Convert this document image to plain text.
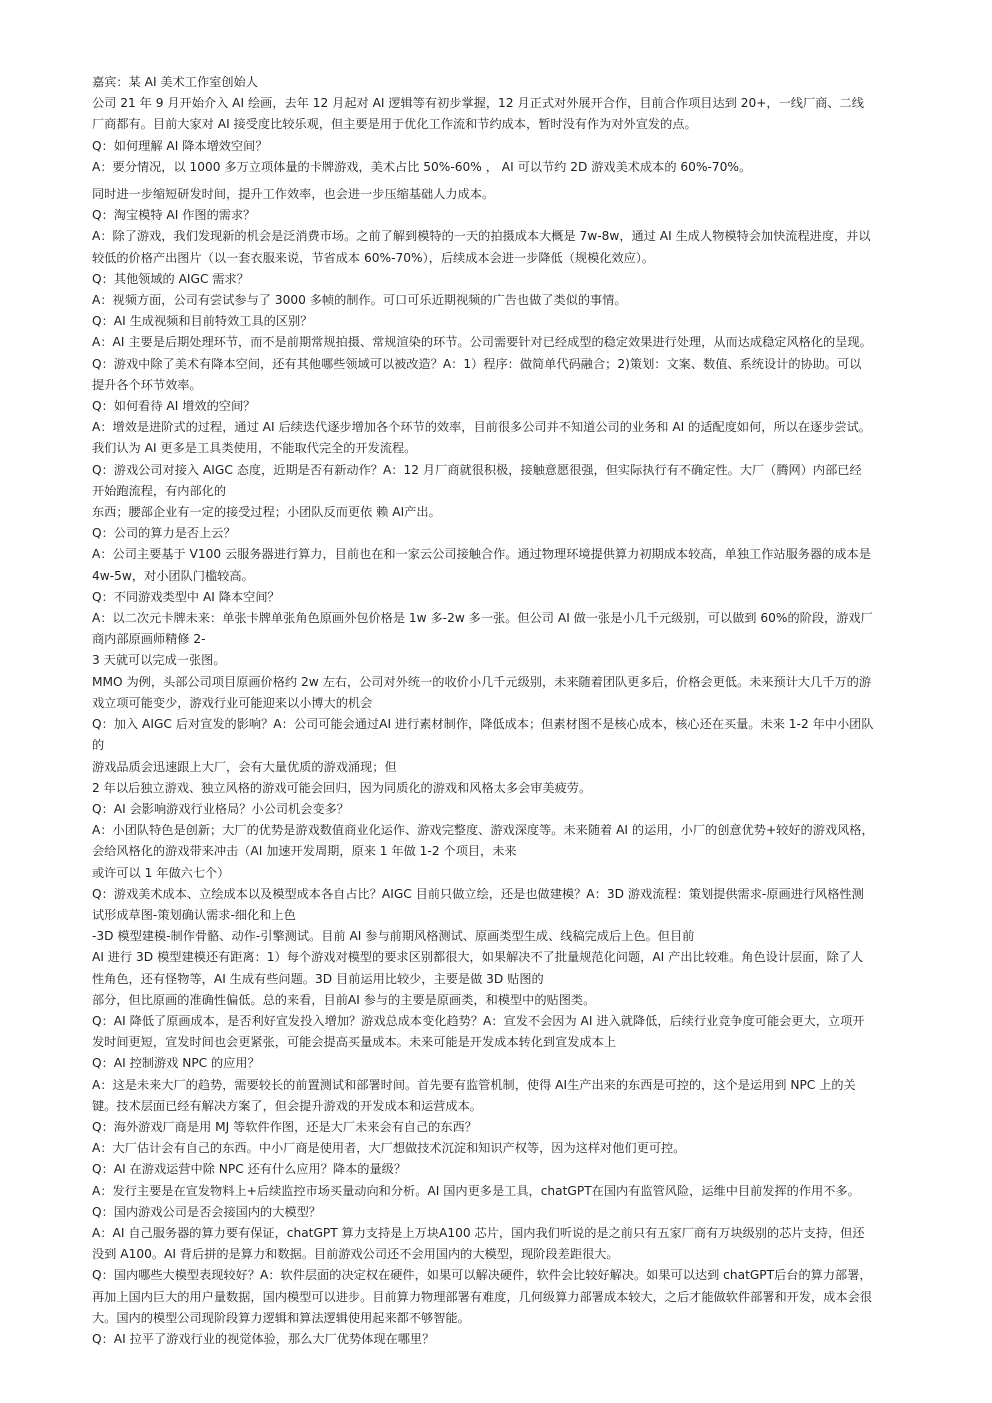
嘉宾：某 AI 美术工作室创始人
公司 21 年 9 月开始介入 AI 绘画，去年 12 月起对 AI 逻辑等有初步掌握，12 月正式对外展开合作，目前合作项目达到 20+，一线厂商、二线
厂商都有。目前大家对 AI 接受度比较乐观，但主要是用于优化工作流和节约成本，暂时没有作为对外宣发的点。
Q：如何理解 AI 降本增效空间？
A：要分情况，以 1000 多万立项体量的卡牌游戏，美术占比 50%-60% ， AI 可以节约 2D 游戏美术成本的 60%-70%。
同时进一步缩短研发时间，提升工作效率，也会进一步压缩基础人力成本。
Q：淘宝模特 AI 作图的需求？
A：除了游戏，我们发现新的机会是泛消费市场。之前了解到模特的一天的拍摄成本大概是 7w-8w，通过 AI 生成人物模特会加快流程进度，并以
较低的价格产出图片（以一套衣服来说，节省成本 60%-70%），后续成本会进一步降低（规模化效应）。
Q：其他领域的 AIGC 需求？
A：视频方面，公司有尝试参与了 3000 多帧的制作。可口可乐近期视频的广告也做了类似的事情。
Q：AI 生成视频和目前特效工具的区别？
A：AI 主要是后期处理环节，而不是前期常规拍摄、常规渲染的环节。公司需要针对已经成型的稳定效果进行处理，从而达成稳定风格化的呈现。
Q：游戏中除了美术有降本空间，还有其他哪些领域可以被改造？A：1）程序：做简单代码融合；2)策划：文案、数值、系统设计的协助。可以
提升各个环节效率。
Q：如何看待 AI 增效的空间？
A：增效是进阶式的过程，通过 AI 后续迭代逐步增加各个环节的效率，目前很多公司并不知道公司的业务和 AI 的适配度如何，所以在逐步尝试。
我们认为 AI 更多是工具类使用，不能取代完全的开发流程。
Q：游戏公司对接入 AIGC 态度，近期是否有新动作？A：12 月厂商就很积极，接触意愿很强，但实际执行有不确定性。大厂（腾网）内部已经
开始跑流程，有内部化的
东西；腰部企业有一定的接受过程；小团队反而更依 赖 AI产出。
Q：公司的算力是否上云？
A：公司主要基于 V100 云服务器进行算力，目前也在和一家云公司接触合作。通过物理环境提供算力初期成本较高，单独工作站服务器的成本是
4w-5w，对小团队门槛较高。
Q：不同游戏类型中 AI 降本空间？
A：以二次元卡牌未来：单张卡牌单张角色原画外包价格是 1w 多-2w 多一张。但公司 AI 做一张是小几千元级别，可以做到 60%的阶段，游戏厂
商内部原画师精修 2-
3 天就可以完成一张图。
MMO 为例，头部公司项目原画价格约 2w 左右，公司对外统一的收价小几千元级别，未来随着团队更多后，价格会更低。未来预计大几千万的游
戏立项可能变少，游戏行业可能迎来以小博大的机会
Q：加入 AIGC 后对宣发的影响？A：公司可能会通过AI 进行素材制作，降低成本；但素材图不是核心成本，核心还在买量。未来 1-2 年中小团队
的
游戏品质会迅速跟上大厂，会有大量优质的游戏涌现；但
2 年以后独立游戏、独立风格的游戏可能会回归，因为同质化的游戏和风格太多会审美疲劳。
Q：AI 会影响游戏行业格局？小公司机会变多？
A：小团队特色是创新；大厂的优势是游戏数值商业化运作、游戏完整度、游戏深度等。未来随着 AI 的运用，小厂的创意优势+较好的游戏风格，
会给风格化的游戏带来冲击（AI 加速开发周期，原来 1 年做 1-2 个项目，未来
或许可以 1 年做六七个）
Q：游戏美术成本、立绘成本以及模型成本各自占比？AIGC 目前只做立绘，还是也做建模？A：3D 游戏流程：策划提供需求-原画进行风格性测
试形成草图-策划确认需求-细化和上色
-3D 模型建模-制作骨骼、动作-引擎测试。目前 AI 参与前期风格测试、原画类型生成、线稿完成后上色。但目前
AI 进行 3D 模型建模还有距离：1）每个游戏对模型的要求区别都很大，如果解决不了批量规范化问题，AI 产出比较难。角色设计层面，除了人
性角色，还有怪物等，AI 生成有些问题。3D 目前运用比较少，主要是做 3D 贴图的
部分，但比原画的准确性偏低。总的来看，目前AI 参与的主要是原画类，和模型中的贴图类。
Q：AI 降低了原画成本，是否利好宣发投入增加？游戏总成本变化趋势？A：宣发不会因为 AI 进入就降低，后续行业竞争度可能会更大，立项开
发时间更短，宣发时间也会更紧张，可能会提高买量成本。未来可能是开发成本转化到宣发成本上
Q：AI 控制游戏 NPC 的应用？
A：这是未来大厂的趋势，需要较长的前置测试和部署时间。首先要有监管机制，使得 AI生产出来的东西是可控的，这个是运用到 NPC 上的关
键。技术层面已经有解决方案了，但会提升游戏的开发成本和运营成本。
Q：海外游戏厂商是用 MJ 等软件作图，还是大厂未来会有自己的东西？
A：大厂估计会有自己的东西。中小厂商是使用者，大厂想做技术沉淀和知识产权等，因为这样对他们更可控。
Q：AI 在游戏运营中除 NPC 还有什么应用？降本的量级？
A：发行主要是在宣发物料上+后续监控市场买量动向和分析。AI 国内更多是工具，chatGPT在国内有监管风险，运维中目前发挥的作用不多。
Q：国内游戏公司是否会接国内的大模型？
A：AI 自己服务器的算力要有保证，chatGPT 算力支持是上万块A100 芯片，国内我们听说的是之前只有五家厂商有万块级别的芯片支持，但还
没到 A100。AI 背后拼的是算力和数据。目前游戏公司还不会用国内的大模型，现阶段差距很大。
Q：国内哪些大模型表现较好？A：软件层面的决定权在硬件，如果可以解决硬件，软件会比较好解决。如果可以达到 chatGPT后台的算力部署，
再加上国内巨大的用户量数据，国内模型可以进步。目前算力物理部署有难度，几何级算力部署成本较大，之后才能做软件部署和开发，成本会很
大。国内的模型公司现阶段算力逻辑和算法逻辑使用起来都不够智能。
Q：AI 拉平了游戏行业的视觉体验，那么大厂优势体现在哪里？
